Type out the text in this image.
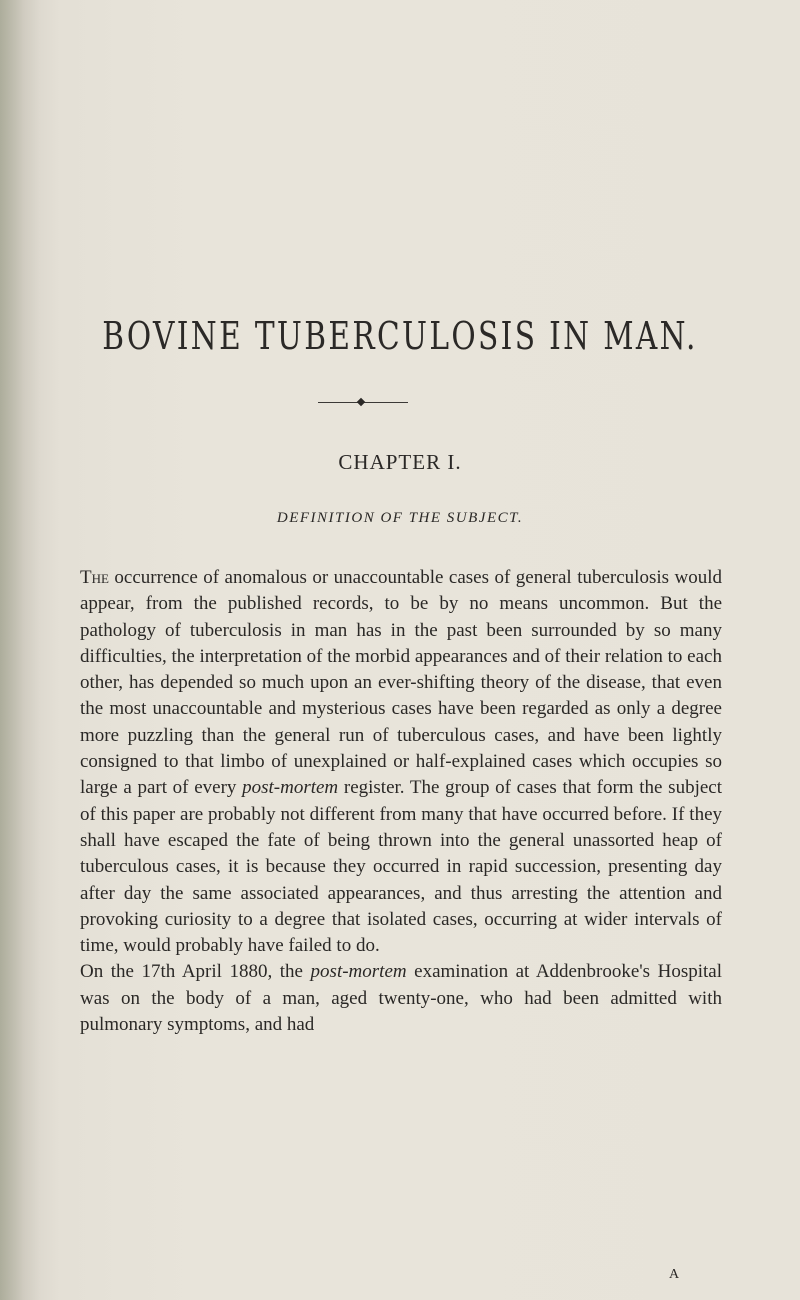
BOVINE TUBERCULOSIS IN MAN.
CHAPTER I.
DEFINITION OF THE SUBJECT.

The occurrence of anomalous or unaccountable cases of general tuberculosis would appear, from the published records, to be by no means uncommon. But the pathology of tuberculosis in man has in the past been surrounded by so many difficulties, the interpretation of the morbid appearances and of their relation to each other, has depended so much upon an ever-shifting theory of the disease, that even the most unaccountable and mysterious cases have been regarded as only a degree more puzzling than the general run of tuberculous cases, and have been lightly consigned to that limbo of unexplained or half-explained cases which occupies so large a part of every post-mortem register. The group of cases that form the subject of this paper are probably not different from many that have occurred before. If they shall have escaped the fate of being thrown into the general unassorted heap of tuberculous cases, it is because they occurred in rapid succession, presenting day after day the same associated appearances, and thus arresting the attention and provoking curiosity to a degree that isolated cases, occurring at wider intervals of time, would probably have failed to do.

On the 17th April 1880, the post-mortem examination at Addenbrooke's Hospital was on the body of a man, aged twenty-one, who had been admitted with pulmonary symptoms, and had

A
